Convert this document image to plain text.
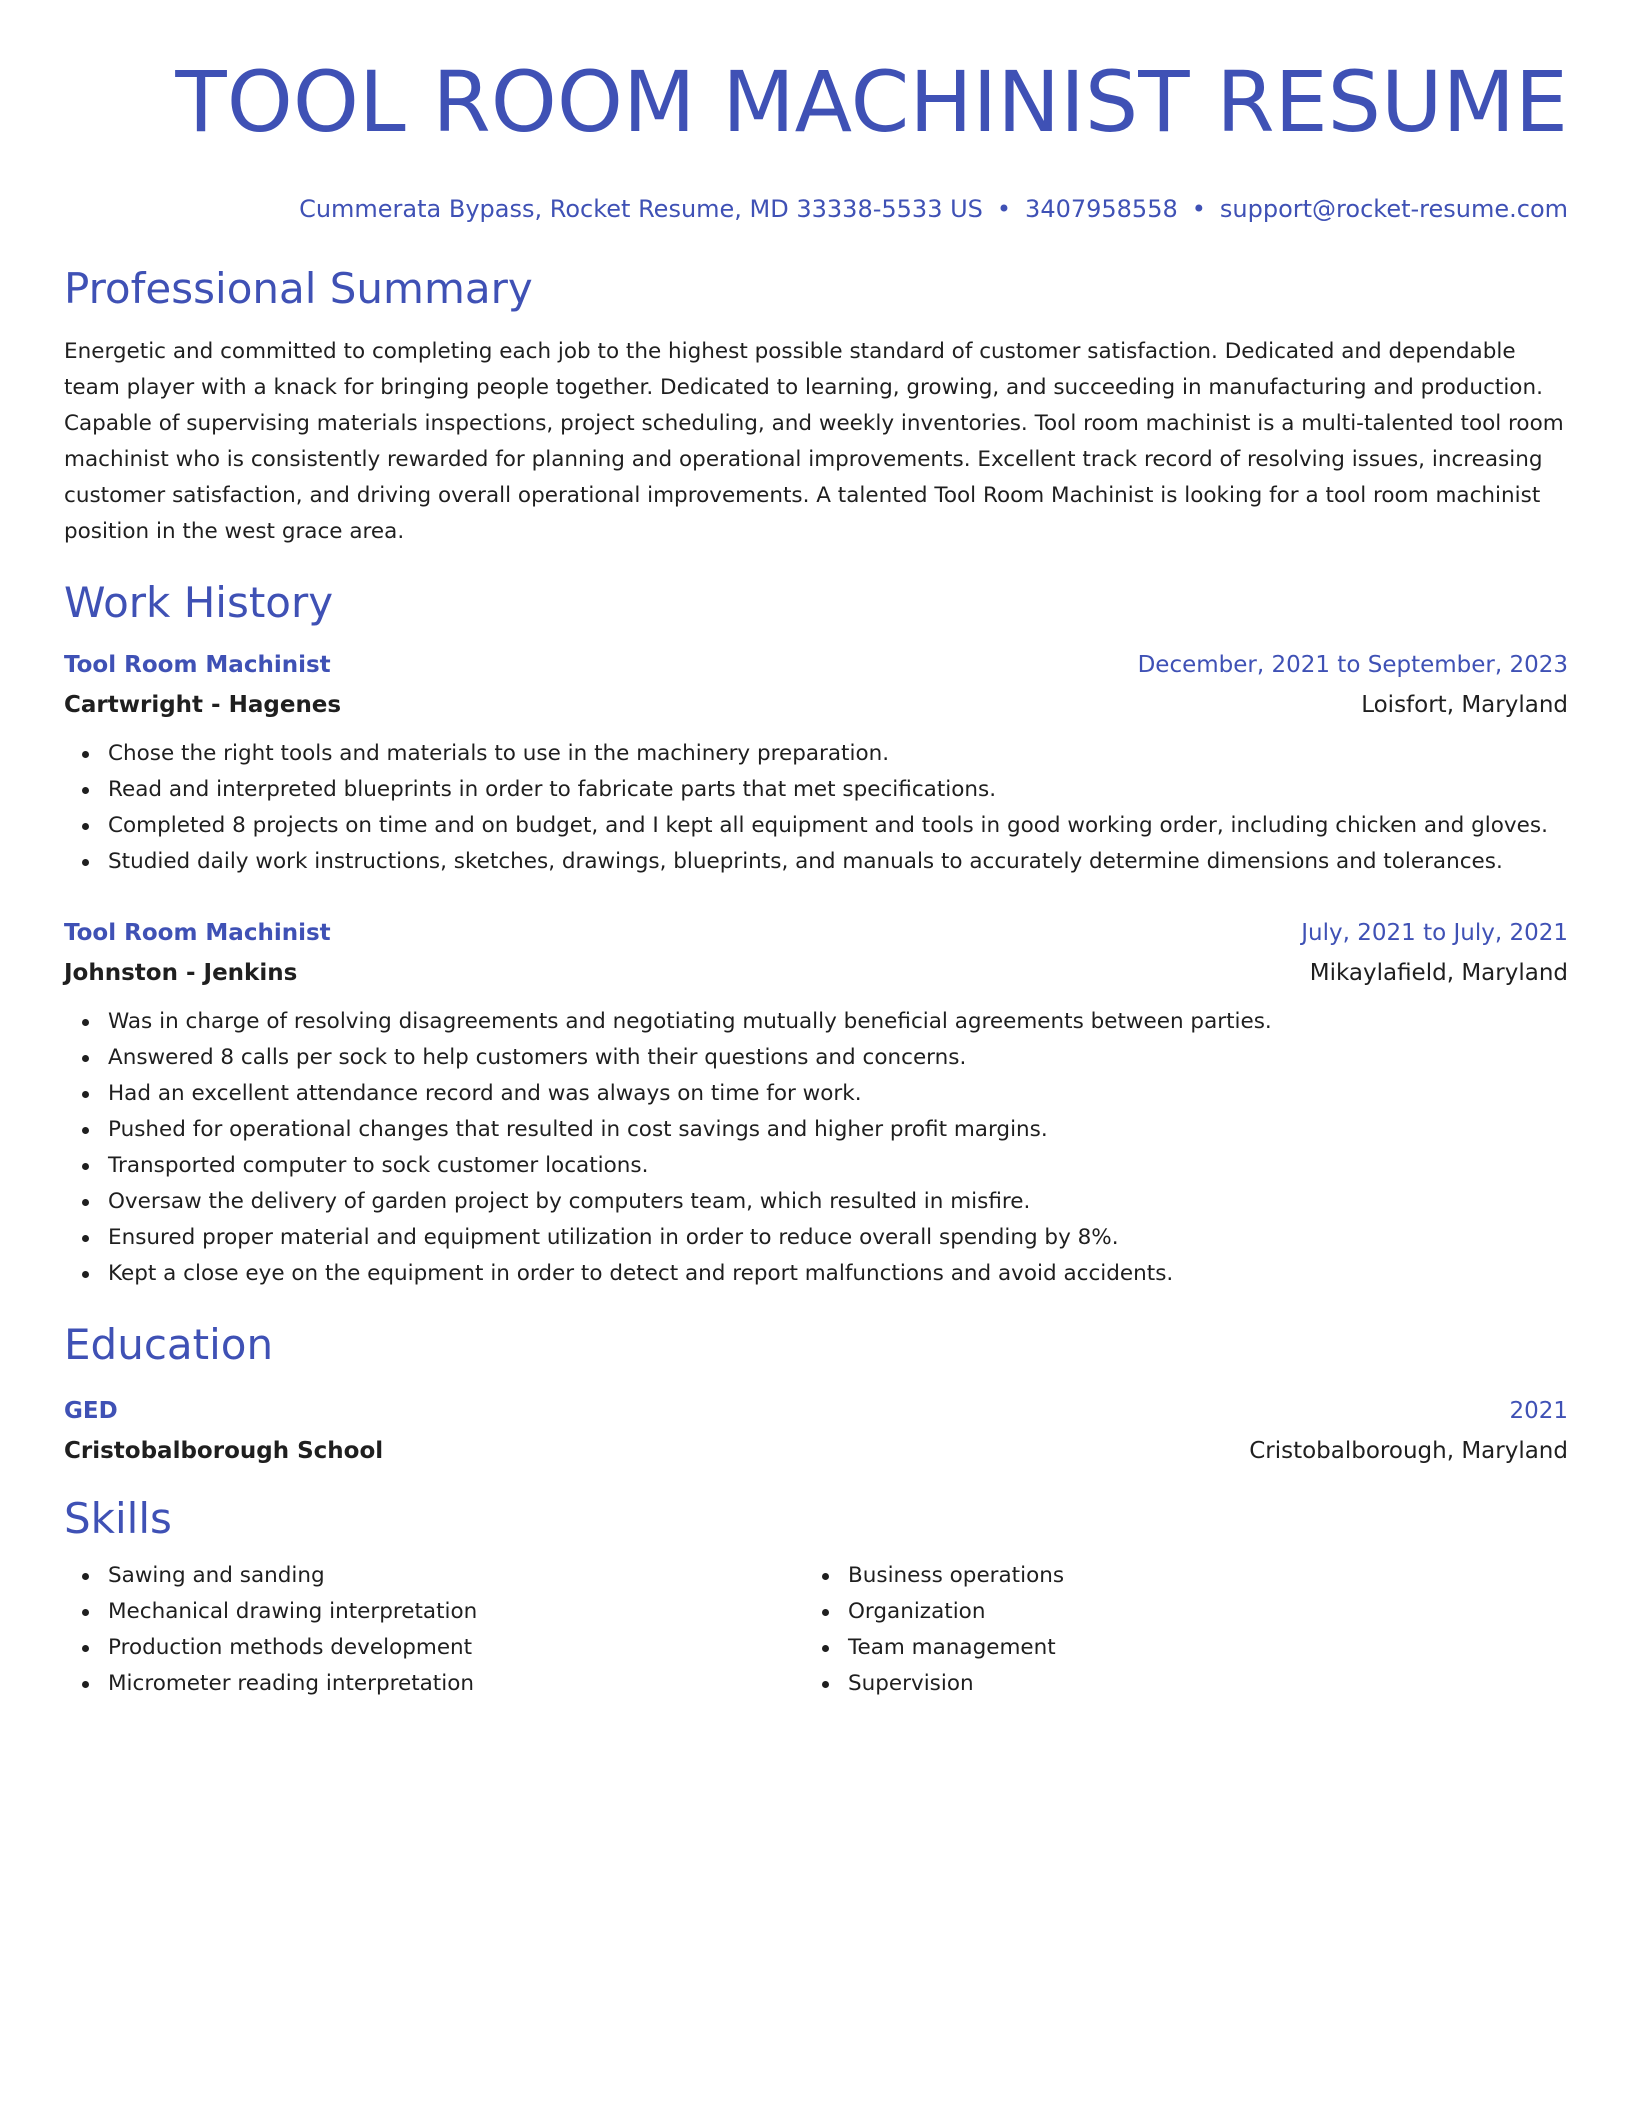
TOOL ROOM MACHINIST RESUME
Cummerata Bypass, Rocket Resume, MD 33338-5533 US • 3407958558 • support@rocket-resume.com
Professional Summary

Energetic and committed to completing each job to the highest possible standard of customer satisfaction. Dedicated and dependable team player with a knack for bringing people together. Dedicated to learning, growing, and succeeding in manufacturing and production. Capable of supervising materials inspections, project scheduling, and weekly inventories. Tool room machinist is a multi-talented tool room machinist who is consistently rewarded for planning and operational improvements. Excellent track record of resolving issues, increasing customer satisfaction, and driving overall operational improvements. A talented Tool Room Machinist is looking for a tool room machinist position in the west grace area.

Work History
Tool Room Machinist	December, 2021 to September, 2023
Cartwright - Hagenes	Loisfort, Maryland
Chose the right tools and materials to use in the machinery preparation.
Read and interpreted blueprints in order to fabricate parts that met specifications.
Completed 8 projects on time and on budget, and I kept all equipment and tools in good working order, including chicken and gloves.
Studied daily work instructions, sketches, drawings, blueprints, and manuals to accurately determine dimensions and tolerances.
Tool Room Machinist	July, 2021 to July, 2021
Johnston - Jenkins	Mikaylafield, Maryland
Was in charge of resolving disagreements and negotiating mutually beneficial agreements between parties.
Answered 8 calls per sock to help customers with their questions and concerns.
Had an excellent attendance record and was always on time for work.
Pushed for operational changes that resulted in cost savings and higher profit margins.
Transported computer to sock customer locations.
Oversaw the delivery of garden project by computers team, which resulted in misfire.
Ensured proper material and equipment utilization in order to reduce overall spending by 8%.
Kept a close eye on the equipment in order to detect and report malfunctions and avoid accidents.
Education
GED	2021
Cristobalborough School	Cristobalborough, Maryland
Skills
Sawing and sanding
Mechanical drawing interpretation
Production methods development
Micrometer reading interpretation
Business operations
Organization
Team management
Supervision
